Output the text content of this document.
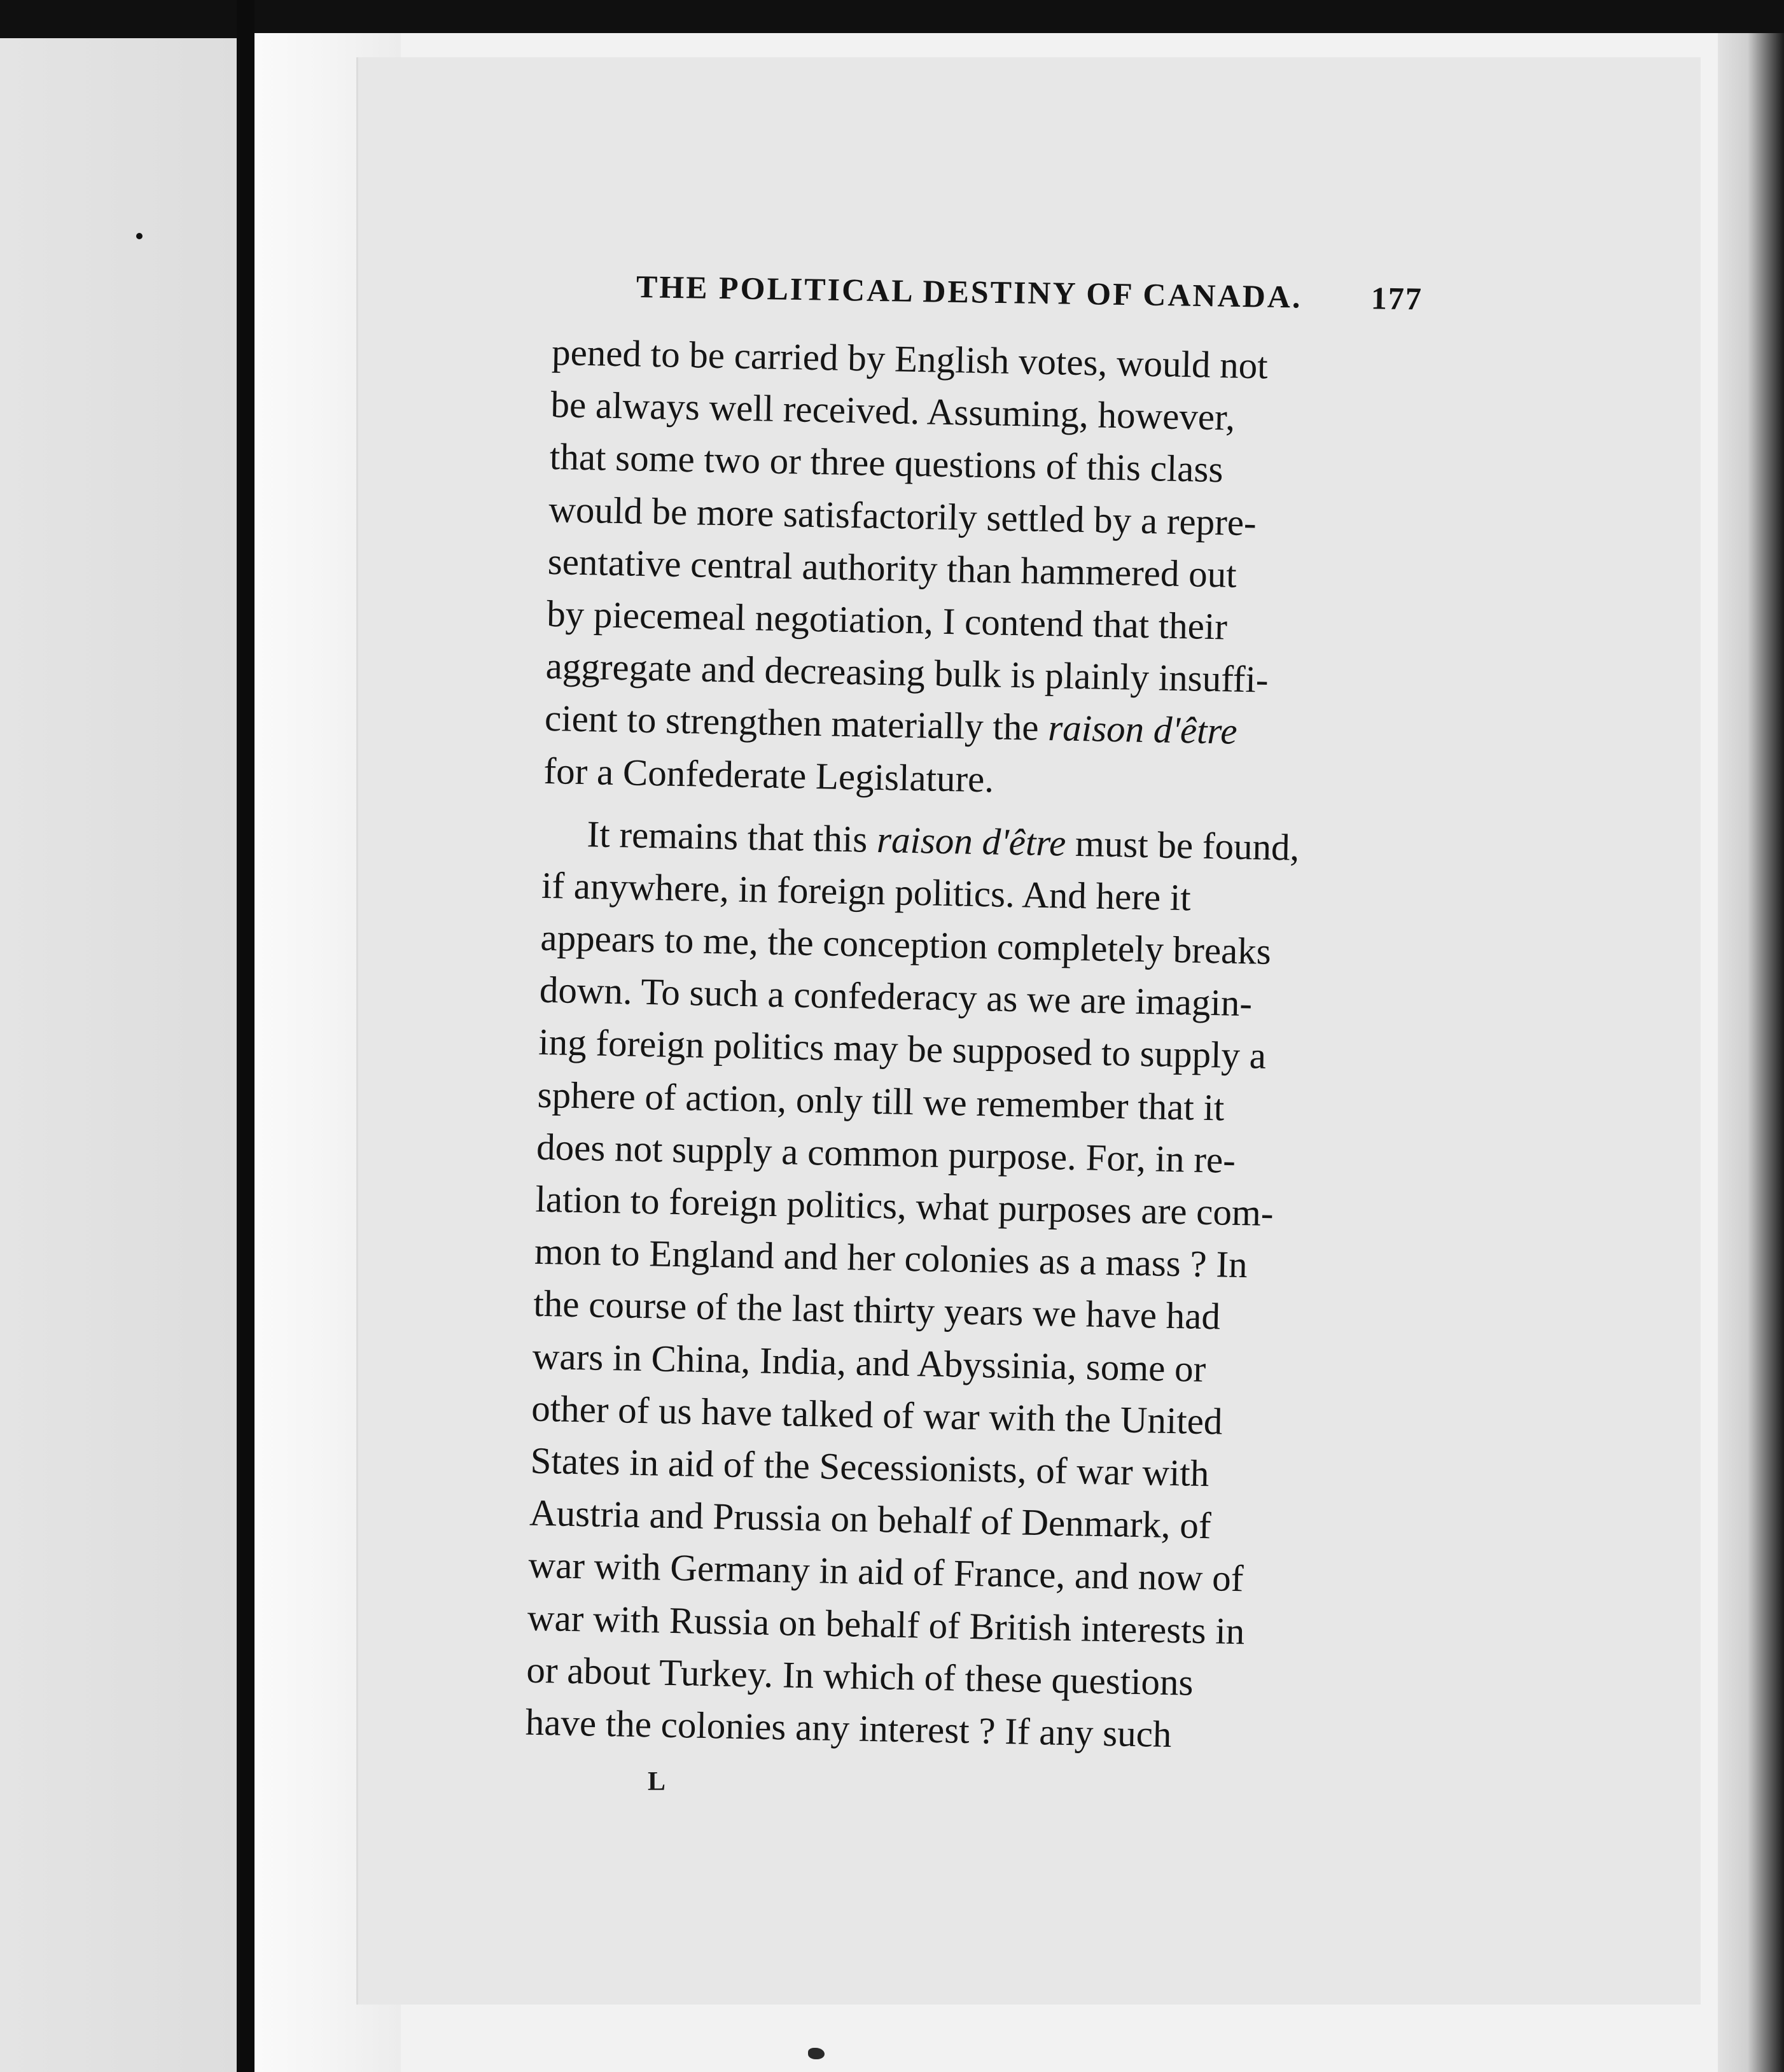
THE POLITICAL DESTINY OF CANADA. 177
pened to be carried by English votes, would not
be always well received. Assuming, however,
that some two or three questions of this class
would be more satisfactorily settled by a repre-
sentative central authority than hammered out
by piecemeal negotiation, I contend that their
aggregate and decreasing bulk is plainly insuffi-
cient to strengthen materially the raison d'être
for a Confederate Legislature.
It remains that this raison d'être must be found,
if anywhere, in foreign politics. And here it
appears to me, the conception completely breaks
down. To such a confederacy as we are imagin-
ing foreign politics may be supposed to supply a
sphere of action, only till we remember that it
does not supply a common purpose. For, in re-
lation to foreign politics, what purposes are com-
mon to England and her colonies as a mass ? In
the course of the last thirty years we have had
wars in China, India, and Abyssinia, some or
other of us have talked of war with the United
States in aid of the Secessionists, of war with
Austria and Prussia on behalf of Denmark, of
war with Germany in aid of France, and now of
war with Russia on behalf of British interests in
or about Turkey. In which of these questions
have the colonies any interest ? If any such
L
